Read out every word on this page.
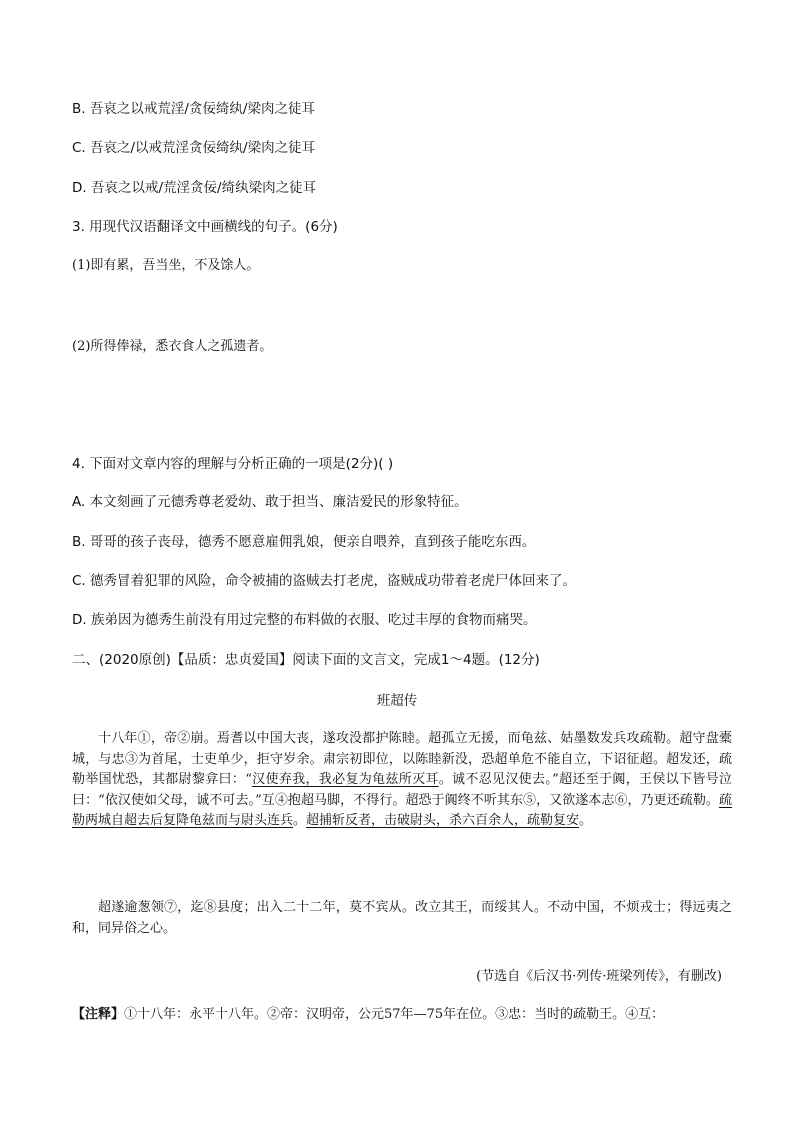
B. 吾哀之以戒荒淫/贪佞绮纨/梁肉之徒耳
C. 吾哀之/以戒荒淫贪佞绮纨/梁肉之徒耳
D. 吾哀之以戒/荒淫贪佞/绮纨梁肉之徒耳
3. 用现代汉语翻译文中画横线的句子。(6分)
(1)即有累，吾当坐，不及馀人。
(2)所得俸禄，悉衣食人之孤遗者。
4. 下面对文章内容的理解与分析正确的一项是(2分)( )
A. 本文刻画了元德秀尊老爱幼、敢于担当、廉洁爱民的形象特征。
B. 哥哥的孩子丧母，德秀不愿意雇佣乳娘，便亲自喂养，直到孩子能吃东西。
C. 德秀冒着犯罪的风险，命令被捕的盗贼去打老虎，盗贼成功带着老虎尸体回来了。
D. 族弟因为德秀生前没有用过完整的布料做的衣服、吃过丰厚的食物而痛哭。
二、(2020原创)【品质：忠贞爱国】阅读下面的文言文，完成1～4题。(12分)
班超传
十八年①，帝②崩。焉耆以中国大丧，遂攻没都护陈睦。超孤立无援，而龟兹、姑墨数发兵攻疏勒。超守盘橐城，与忠③为首尾，士吏单少，拒守岁余。肃宗初即位，以陈睦新没，恐超单危不能自立，下诏征超。超发还，疏勒举国忧恐，其都尉黎弇曰：“汉使弃我，我必复为龟兹所灭耳。诚不忍见汉使去。”超还至于阗，王侯以下皆号泣曰：“依汉使如父母，诚不可去。”互④抱超马脚，不得行。超恐于阗终不听其东⑤，又欲遂本志⑥，乃更还疏勒。疏勒两城自超去后复降龟兹而与尉头连兵。超捕斩反者，击破尉头，杀六百余人，疏勒复安。
超遂逾葱领⑦，迄⑧县度；出入二十二年，莫不宾从。改立其王，而绥其人。不动中国，不烦戎士；得远夷之和，同异俗之心。
(节选自《后汉书·列传·班梁列传》，有删改)
【注释】①十八年：永平十八年。②帝：汉明帝，公元57年—75年在位。③忠：当时的疏勒王。④互：
